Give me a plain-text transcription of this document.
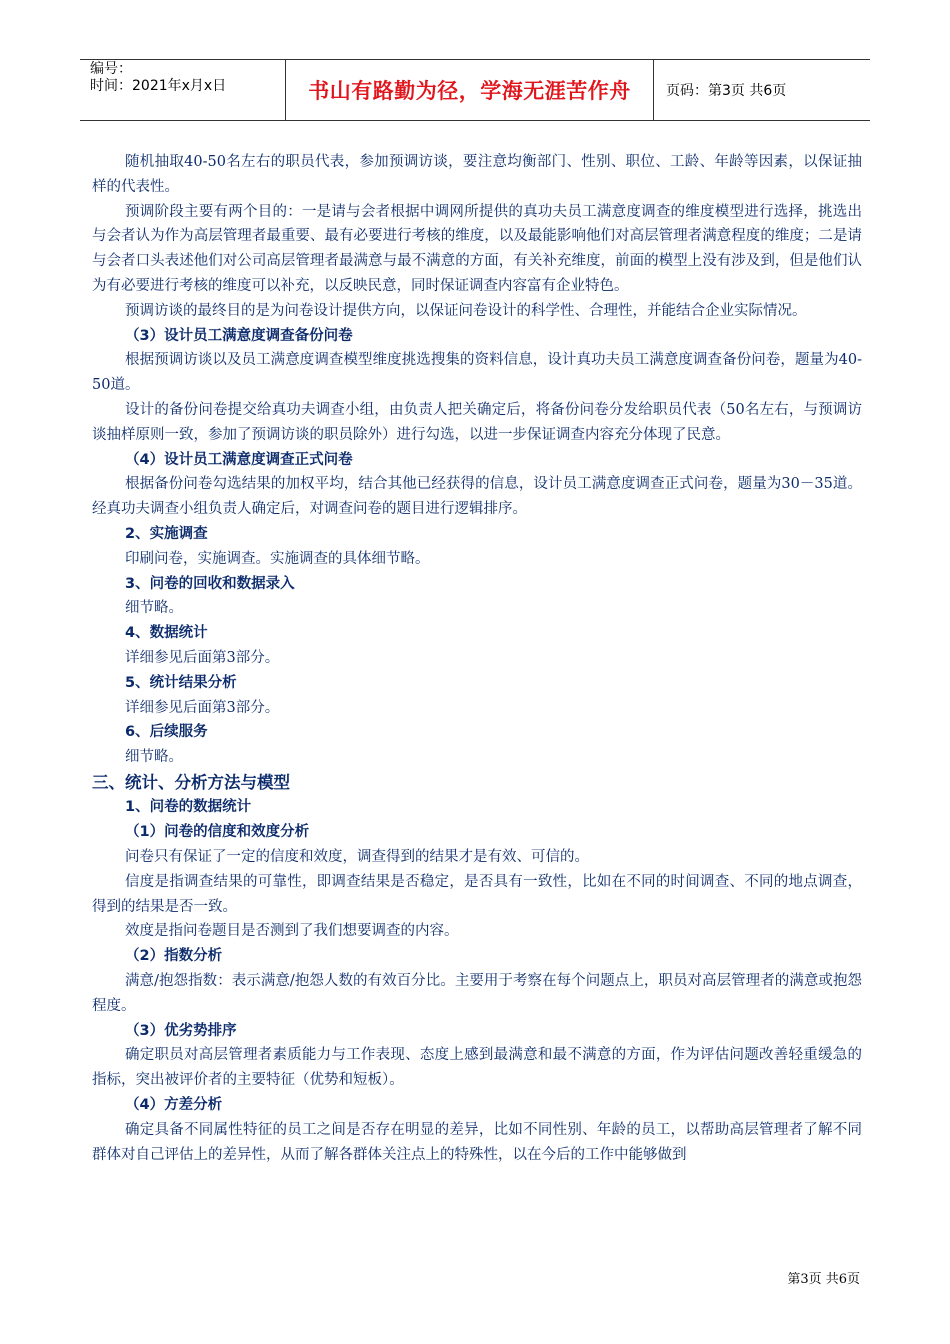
编号：
时间：2021年x月x日	书山有路勤为径，学海无涯苦作舟	页码：第3页 共6页
随机抽取40-50名左右的职员代表，参加预调访谈，要注意均衡部门、性别、职位、工龄、年龄等因素，以保证抽样的代表性。
预调阶段主要有两个目的：一是请与会者根据中调网所提供的真功夫员工满意度调查的维度模型进行选择，挑选出与会者认为作为高层管理者最重要、最有必要进行考核的维度，以及最能影响他们对高层管理者满意程度的维度；二是请与会者口头表述他们对公司高层管理者最满意与最不满意的方面，有关补充维度，前面的模型上没有涉及到，但是他们认为有必要进行考核的维度可以补充，以反映民意，同时保证调查内容富有企业特色。
预调访谈的最终目的是为问卷设计提供方向，以保证问卷设计的科学性、合理性，并能结合企业实际情况。
（3）设计员工满意度调查备份问卷
根据预调访谈以及员工满意度调查模型维度挑选搜集的资料信息，设计真功夫员工满意度调查备份问卷，题量为40-50道。
设计的备份问卷提交给真功夫调查小组，由负责人把关确定后，将备份问卷分发给职员代表（50名左右，与预调访谈抽样原则一致，参加了预调访谈的职员除外）进行勾选，以进一步保证调查内容充分体现了民意。
（4）设计员工满意度调查正式问卷
根据备份问卷勾选结果的加权平均，结合其他已经获得的信息，设计员工满意度调查正式问卷，题量为30－35道。经真功夫调查小组负责人确定后，对调查问卷的题目进行逻辑排序。
2、实施调查
印刷问卷，实施调查。实施调查的具体细节略。
3、问卷的回收和数据录入
细节略。
4、数据统计
详细参见后面第3部分。
5、统计结果分析
详细参见后面第3部分。
6、后续服务
细节略。
三、统计、分析方法与模型
1、问卷的数据统计
（1）问卷的信度和效度分析
问卷只有保证了一定的信度和效度，调查得到的结果才是有效、可信的。
信度是指调查结果的可靠性，即调查结果是否稳定，是否具有一致性，比如在不同的时间调查、不同的地点调查，得到的结果是否一致。
效度是指问卷题目是否测到了我们想要调查的内容。
（2）指数分析
满意/抱怨指数：表示满意/抱怨人数的有效百分比。主要用于考察在每个问题点上，职员对高层管理者的满意或抱怨程度。
（3）优劣势排序
确定职员对高层管理者素质能力与工作表现、态度上感到最满意和最不满意的方面，作为评估问题改善轻重缓急的指标，突出被评价者的主要特征（优势和短板）。
（4）方差分析
确定具备不同属性特征的员工之间是否存在明显的差异，比如不同性别、年龄的员工，以帮助高层管理者了解不同群体对自己评估上的差异性，从而了解各群体关注点上的特殊性，以在今后的工作中能够做到
第3页 共6页
